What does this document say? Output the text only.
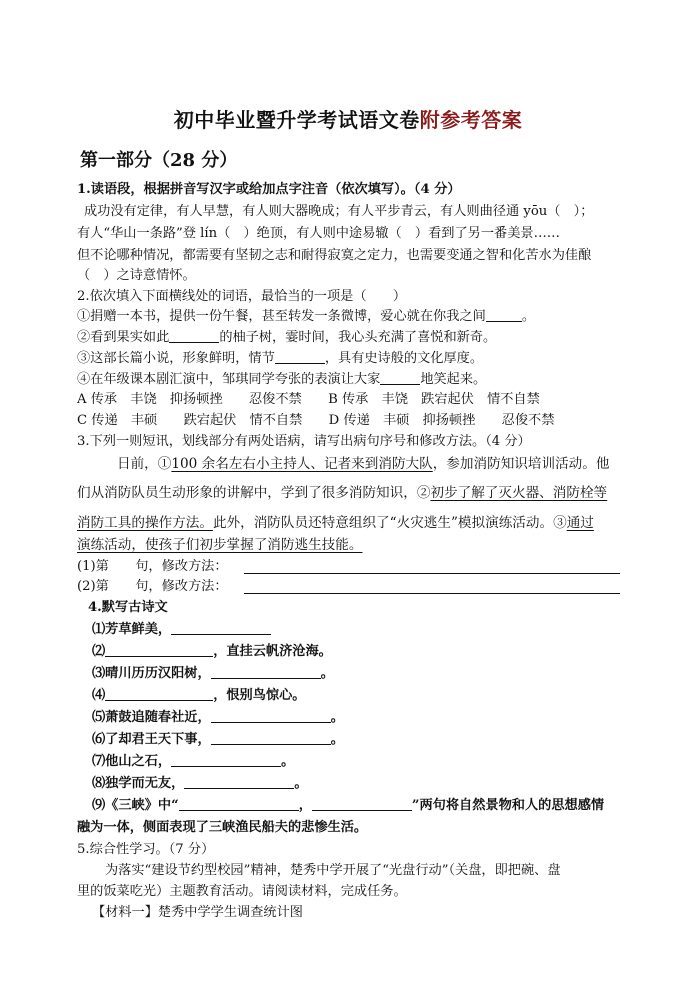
初中毕业暨升学考试语文卷附参考答案
第一部分（28 分）
1.读语段，根据拼音写汉字或给加点字注音（依次填写）。（4 分）
成功没有定律，有人早慧，有人则大器晚成；有人平步青云，有人则曲径通 yōu（　）；
有人“华山一条路”登 lín（　）绝顶，有人则中途易辙（　）看到了另一番美景……
但不论哪种情况，都需要有坚韧之志和耐得寂寞之定力，也需要变通之智和化苦水为佳酿
（　）之诗意情怀。
2.依次填入下面横线处的词语，最恰当的一项是（　　）
①捐赠一本书，提供一份午餐，甚至转发一条微博，爱心就在你我之间	。
②看到果实如此	的柚子树，霎时间，我心头充满了喜悦和新奇。
③这部长篇小说，形象鲜明，情节	，具有史诗般的文化厚度。
④在年级课本剧汇演中，邹琪同学夸张的表演让大家	地笑起来。
A 传承　丰饶　抑扬顿挫　　忍俊不禁　　B 传承　丰饶　跌宕起伏　情不自禁
C 传递　丰硕　　跌宕起伏　情不自禁　　D 传递　丰硕　抑扬顿挫　　忍俊不禁
3.下列一则短讯，划线部分有两处语病，请写出病句序号和修改方法。（4 分）
日前，①100 余名左右小主持人、记者来到消防大队，参加消防知识培训活动。他
们从消防队员生动形象的讲解中，学到了很多消防知识，②初步了解了灭火器、消防栓等
消防工具的操作方法。此外，消防队员还特意组织了“火灾逃生”模拟演练活动。③通过
演练活动，使孩子们初步掌握了消防逃生技能。
(1)第　　句，修改方法：
(2)第　　句，修改方法：
4.默写古诗文
⑴芳草鲜美，
⑵	，直挂云帆济沧海。
⑶晴川历历汉阳树，	。
⑷	，恨别鸟惊心。
⑸萧鼓追随春社近，	。
⑹了却君王天下事，	。
⑺他山之石，	。
⑻独学而无友，	。
⑼《三峡》中“	，	”两句将自然景物和人的思想感情
融为一体，侧面表现了三峡渔民船夫的悲惨生活。
5.综合性学习。（7 分）
为落实“建设节约型校园”精神，楚秀中学开展了“光盘行动”（关盘，即把碗、盘
里的饭菜吃光）主题教育活动。请阅读材料，完成任务。
【材料一】楚秀中学学生调查统计图
